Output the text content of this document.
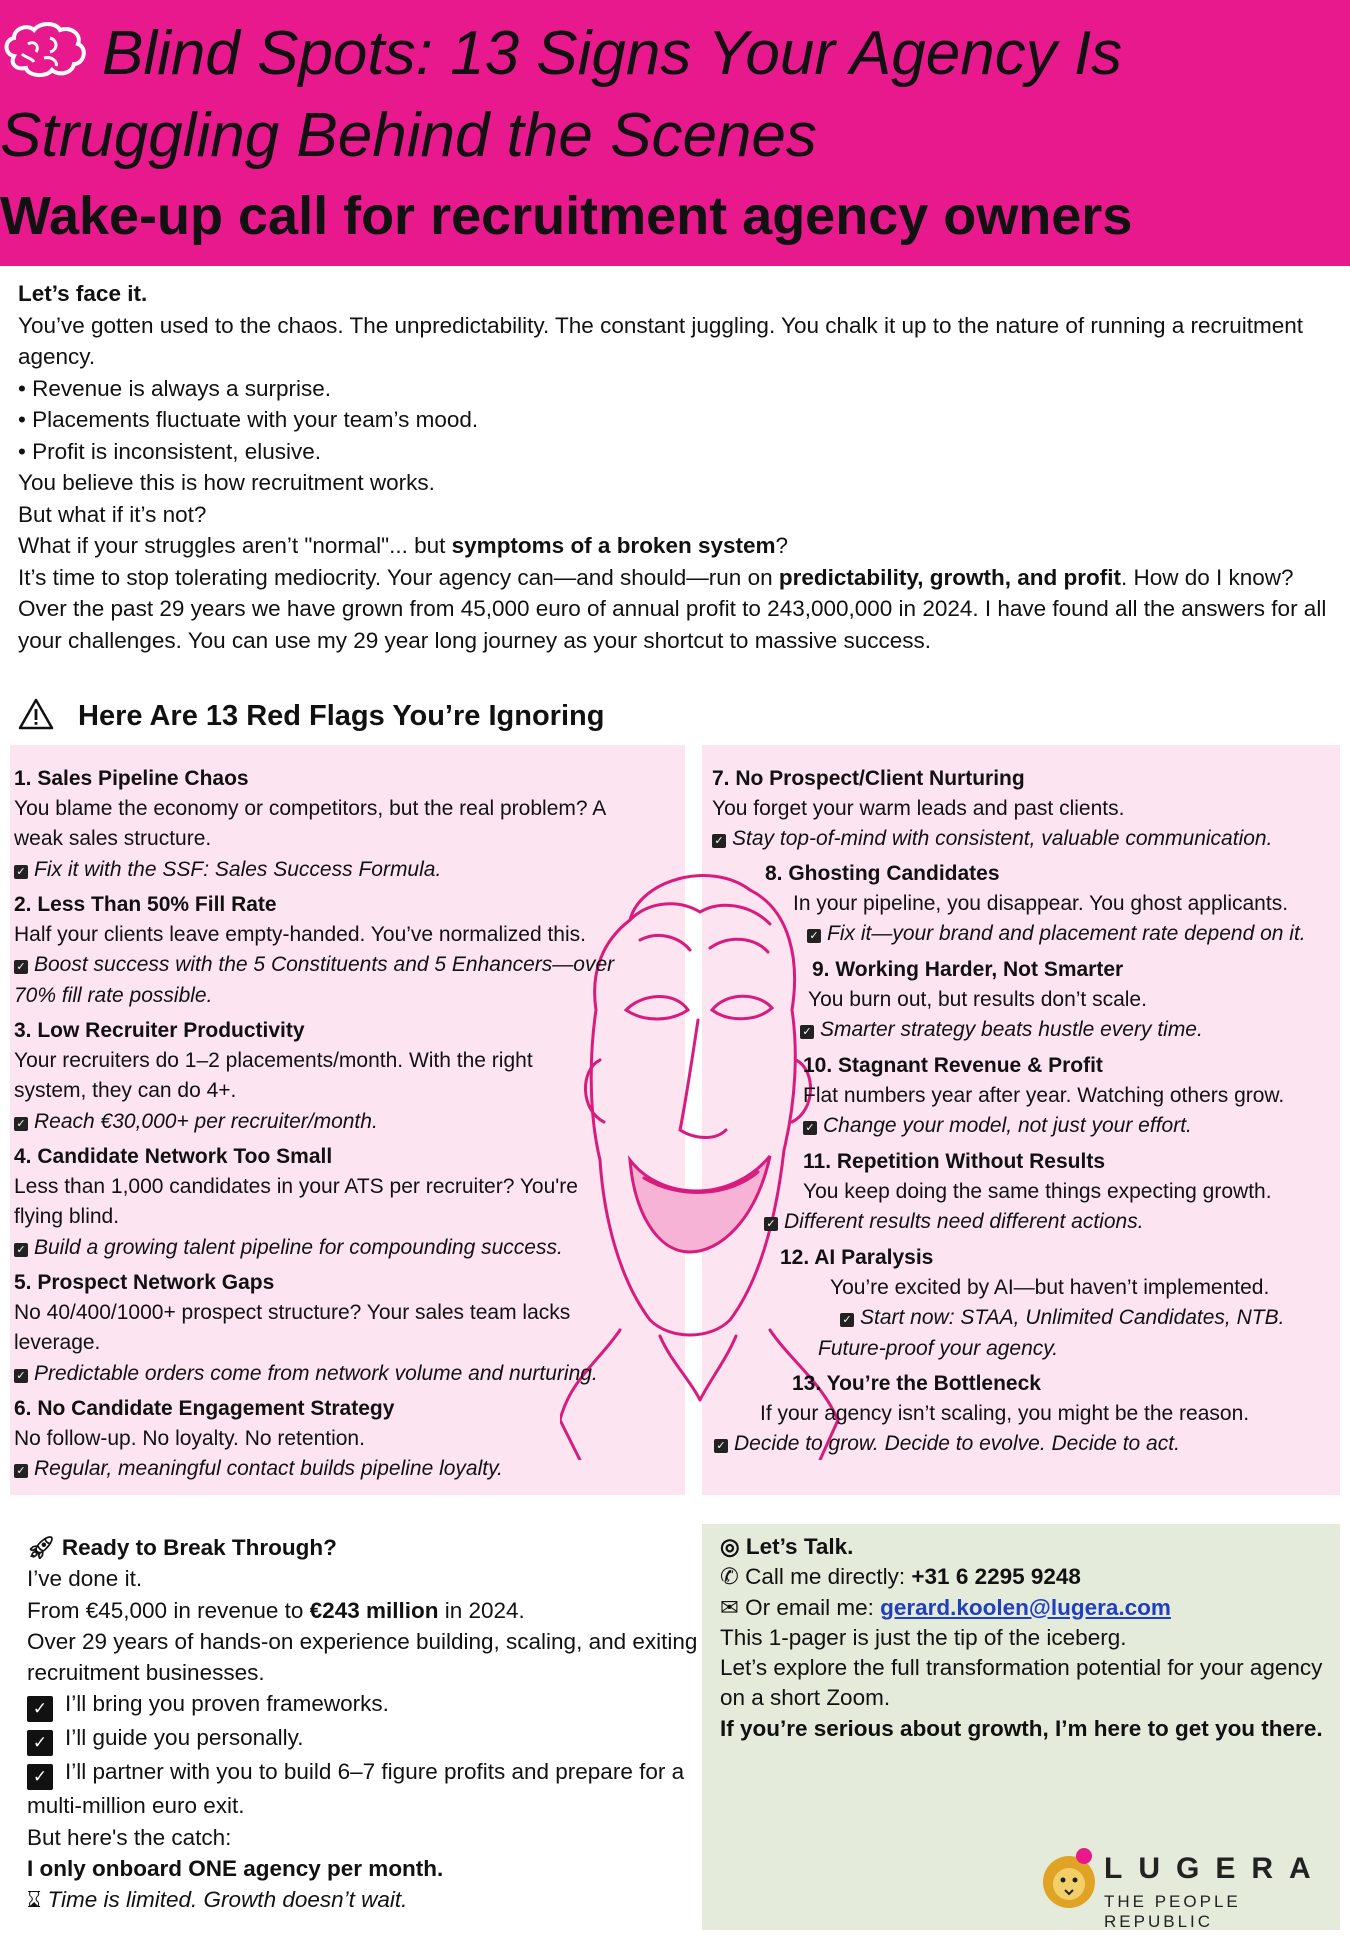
Blind Spots: 13 Signs Your Agency Is
Struggling Behind the Scenes
Wake-up call for recruitment agency owners

Let’s face it.

You’ve gotten used to the chaos. The unpredictability. The constant juggling. You chalk it up to the nature of running a recruitment agency.

• Revenue is always a surprise.

• Placements fluctuate with your team’s mood.

• Profit is inconsistent, elusive.

You believe this is how recruitment works.

But what if it’s not?

What if your struggles aren’t "normal"... but symptoms of a broken system?

It’s time to stop tolerating mediocrity. Your agency can—and should—run on predictability, growth, and profit. How do I know? Over the past 29 years we have grown from 45,000 euro of annual profit to 243,000,000 in 2024. I have found all the answers for all your challenges. You can use my 29 year long journey as your shortcut to massive success.

Here Are 13 Red Flags You’re Ignoring
1. Sales Pipeline Chaos
You blame the economy or competitors, but the real problem? A weak sales structure.
✓ Fix it with the SSF: Sales Success Formula.
2. Less Than 50% Fill Rate
Half your clients leave empty-handed. You’ve normalized this.
✓ Boost success with the 5 Constituents and 5 Enhancers—over 70% fill rate possible.
3. Low Recruiter Productivity
Your recruiters do 1–2 placements/month. With the right system, they can do 4+.
✓ Reach €30,000+ per recruiter/month.
4. Candidate Network Too Small
Less than 1,000 candidates in your ATS per recruiter? You're flying blind.
✓ Build a growing talent pipeline for compounding success.
5. Prospect Network Gaps
No 40/400/1000+ prospect structure? Your sales team lacks leverage.
✓ Predictable orders come from network volume and nurturing.
6. No Candidate Engagement Strategy
No follow-up. No loyalty. No retention.
✓ Regular, meaningful contact builds pipeline loyalty.
7. No Prospect/Client Nurturing
You forget your warm leads and past clients.
✓ Stay top-of-mind with consistent, valuable communication.
8. Ghosting Candidates
In your pipeline, you disappear. You ghost applicants.
✓ Fix it—your brand and placement rate depend on it.
9. Working Harder, Not Smarter
You burn out, but results don’t scale.
✓ Smarter strategy beats hustle every time.
10. Stagnant Revenue & Profit
Flat numbers year after year. Watching others grow.
✓ Change your model, not just your effort.
11. Repetition Without Results
You keep doing the same things expecting growth.
✓ Different results need different actions.
12. AI Paralysis
You’re excited by AI—but haven’t implemented.
✓ Start now: STAA, Unlimited Candidates, NTB.
Future-proof your agency.
13. You’re the Bottleneck
If your agency isn’t scaling, you might be the reason.
✓ Decide to grow. Decide to evolve. Decide to act.

🚀︎ Ready to Break Through?

I’ve done it.

From €45,000 in revenue to €243 million in 2024.

Over 29 years of hands-on experience building, scaling, and exiting recruitment businesses.

✓ I’ll bring you proven frameworks.

✓ I’ll guide you personally.

✓ I’ll partner with you to build 6–7 figure profits and prepare for a multi-million euro exit.

But here's the catch:

I only onboard ONE agency per month.

⌛︎ Time is limited. Growth doesn’t wait.

◎ Let’s Talk.

✆ Call me directly: +31 6 2295 9248

✉ Or email me: gerard.koolen@lugera.com

This 1-pager is just the tip of the iceberg.

Let’s explore the full transformation potential for your agency on a short Zoom.

If you’re serious about growth, I’m here to get you there.

LUGERA
THE PEOPLE REPUBLIC
